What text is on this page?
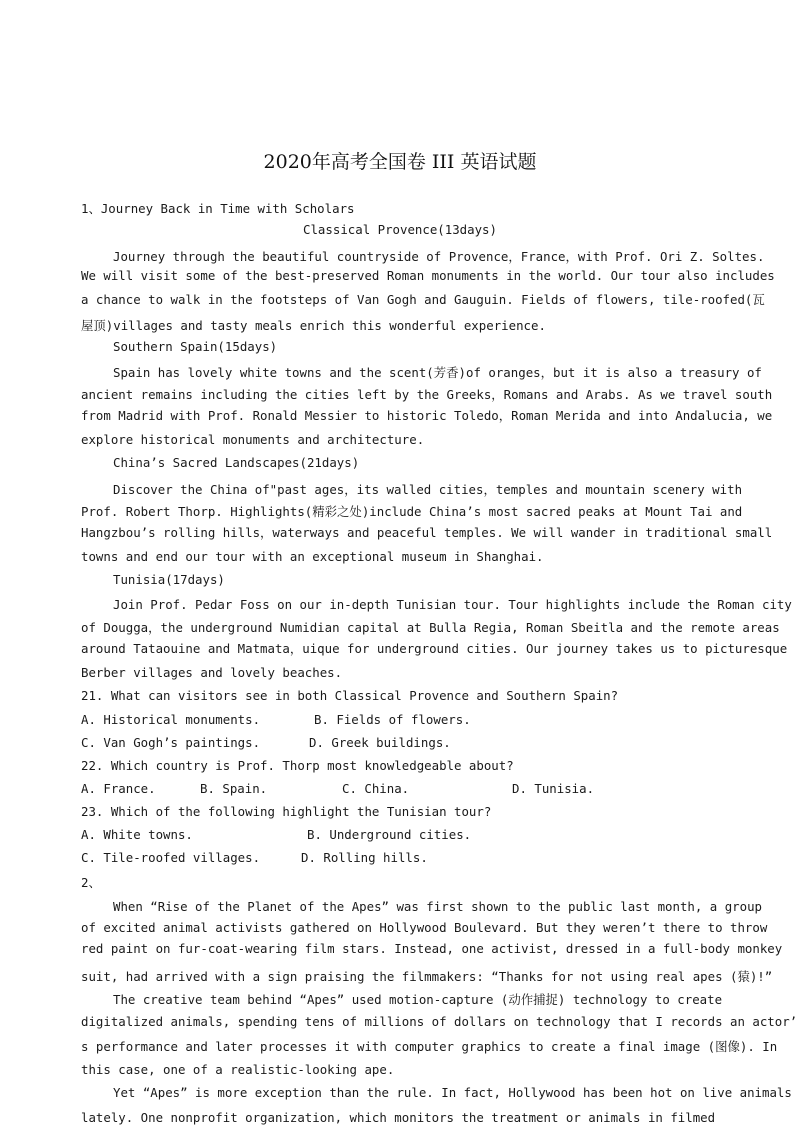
2020年高考全国卷 III 英语试题
1、Journey Back in Time with Scholars
Classical Provence(13days)
Journey through the beautiful countryside of Provence，France，with Prof. Ori Z. Soltes.
We will visit some of the best-preserved Roman monuments in the world. Our tour also includes
a chance to walk in the footsteps of Van Gogh and Gauguin. Fields of flowers, tile-roofed(瓦
屋顶)villages and tasty meals enrich this wonderful experience.
Southern Spain(15days)
Spain has lovely white towns and the scent(芳香)of oranges，but it is also a treasury of
ancient remains including the cities left by the Greeks，Romans and Arabs. As we travel south
from Madrid with Prof. Ronald Messier to historic Toledo，Roman Merida and into Andalucia, we
explore historical monuments and architecture.
China’s Sacred Landscapes(21days)
Discover the China of"past ages，its walled cities，temples and mountain scenery with
Prof. Robert Thorp. Highlights(精彩之处)include China’s most sacred peaks at Mount Tai and
Hangzbou’s rolling hills，waterways and peaceful temples. We will wander in traditional small
towns and end our tour with an exceptional museum in Shanghai.
Tunisia(17days)
Join Prof. Pedar Foss on our in-depth Tunisian tour. Tour highlights include the Roman city
of Dougga，the underground Numidian capital at Bulla Regia, Roman Sbeitla and the remote areas
around Tataouine and Matmata，uique for underground cities. Our journey takes us to picturesque
Berber villages and lovely beaches.
21. What can visitors see in both Classical Provence and Southern Spain?
A. Historical monuments.	B. Fields of flowers.
C. Van Gogh’s paintings.	D. Greek buildings.
22. Which country is Prof. Thorp most knowledgeable about?
A. France.	B. Spain.	C. China.	D. Tunisia.
23. Which of the following highlight the Tunisian tour?
A. White towns.	B. Underground cities.
C. Tile-roofed villages.	D. Rolling hills.
2、
When “Rise of the Planet of the Apes” was first shown to the public last month, a group
of excited animal activists gathered on Hollywood Boulevard. But they weren’t there to throw
red paint on fur-coat-wearing film stars. Instead, one activist, dressed in a full-body monkey
suit, had arrived with a sign praising the filmmakers: “Thanks for not using real apes (猿)!”
The creative team behind “Apes” used motion-capture (动作捕捉) technology to create
digitalized animals, spending tens of millions of dollars on technology that I records an actor’
s performance and later processes it with computer graphics to create a final image (图像). In
this case, one of a realistic-looking ape.
Yet “Apes” is more exception than the rule. In fact, Hollywood has been hot on live animals
lately. One nonprofit organization, which monitors the treatment or animals in filmed
